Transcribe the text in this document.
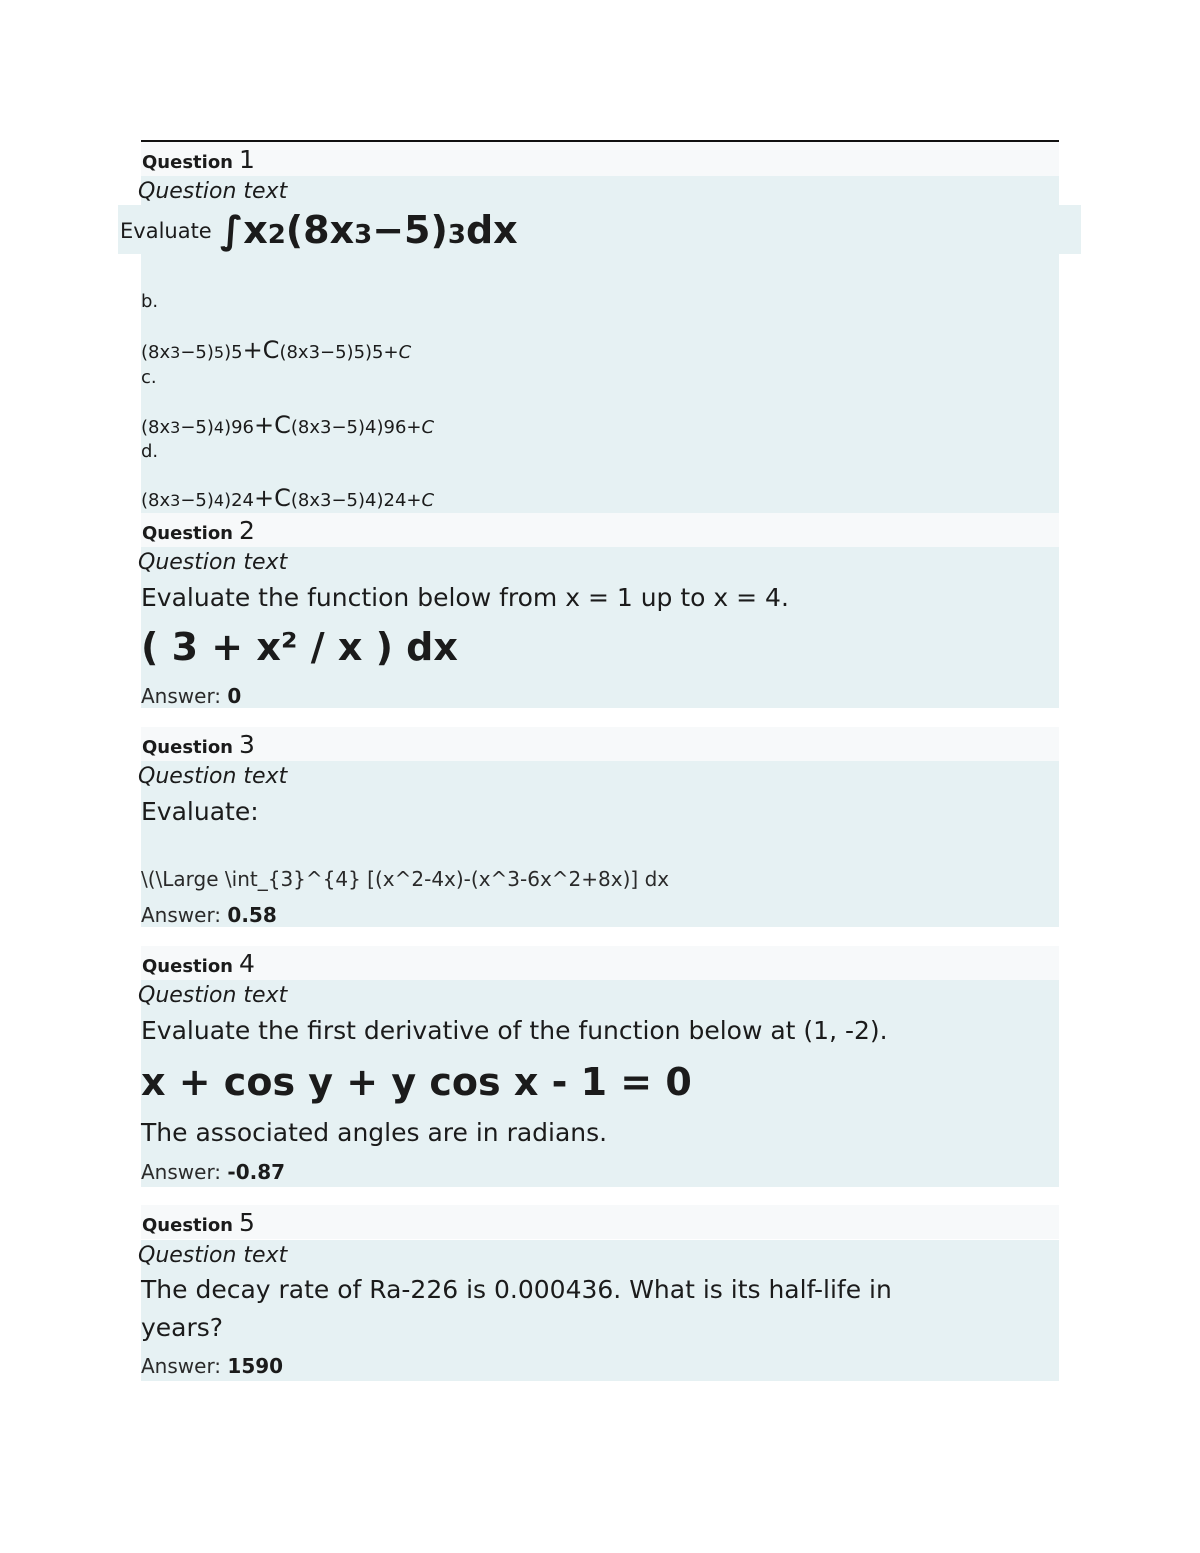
Question 1
Question text
b.
(8x3−5)5)5+C(8x3−5)5)5+C
c.
(8x3−5)4)96+C(8x3−5)4)96+C
d.
(8x3−5)4)24+C(8x3−5)4)24+C
Evaluate ∫x2(8x3−5)3dx
Question 2
Question text
Evaluate the function below from x = 1 up to x = 4.
( 3 + x² / x ) dx
Answer: 0
Question 3
Question text
Evaluate:
\(\Large \int_{3}^{4} [(x^2-4x)-(x^3-6x^2+8x)] dx
Answer: 0.58
Question 4
Question text
Evaluate the first derivative of the function below at (1, -2).
x + cos y + y cos x - 1 = 0
The associated angles are in radians.
Answer: -0.87
Question 5
Question text
The decay rate of Ra-226 is 0.000436. What is its half-life in
years?
Answer: 1590
